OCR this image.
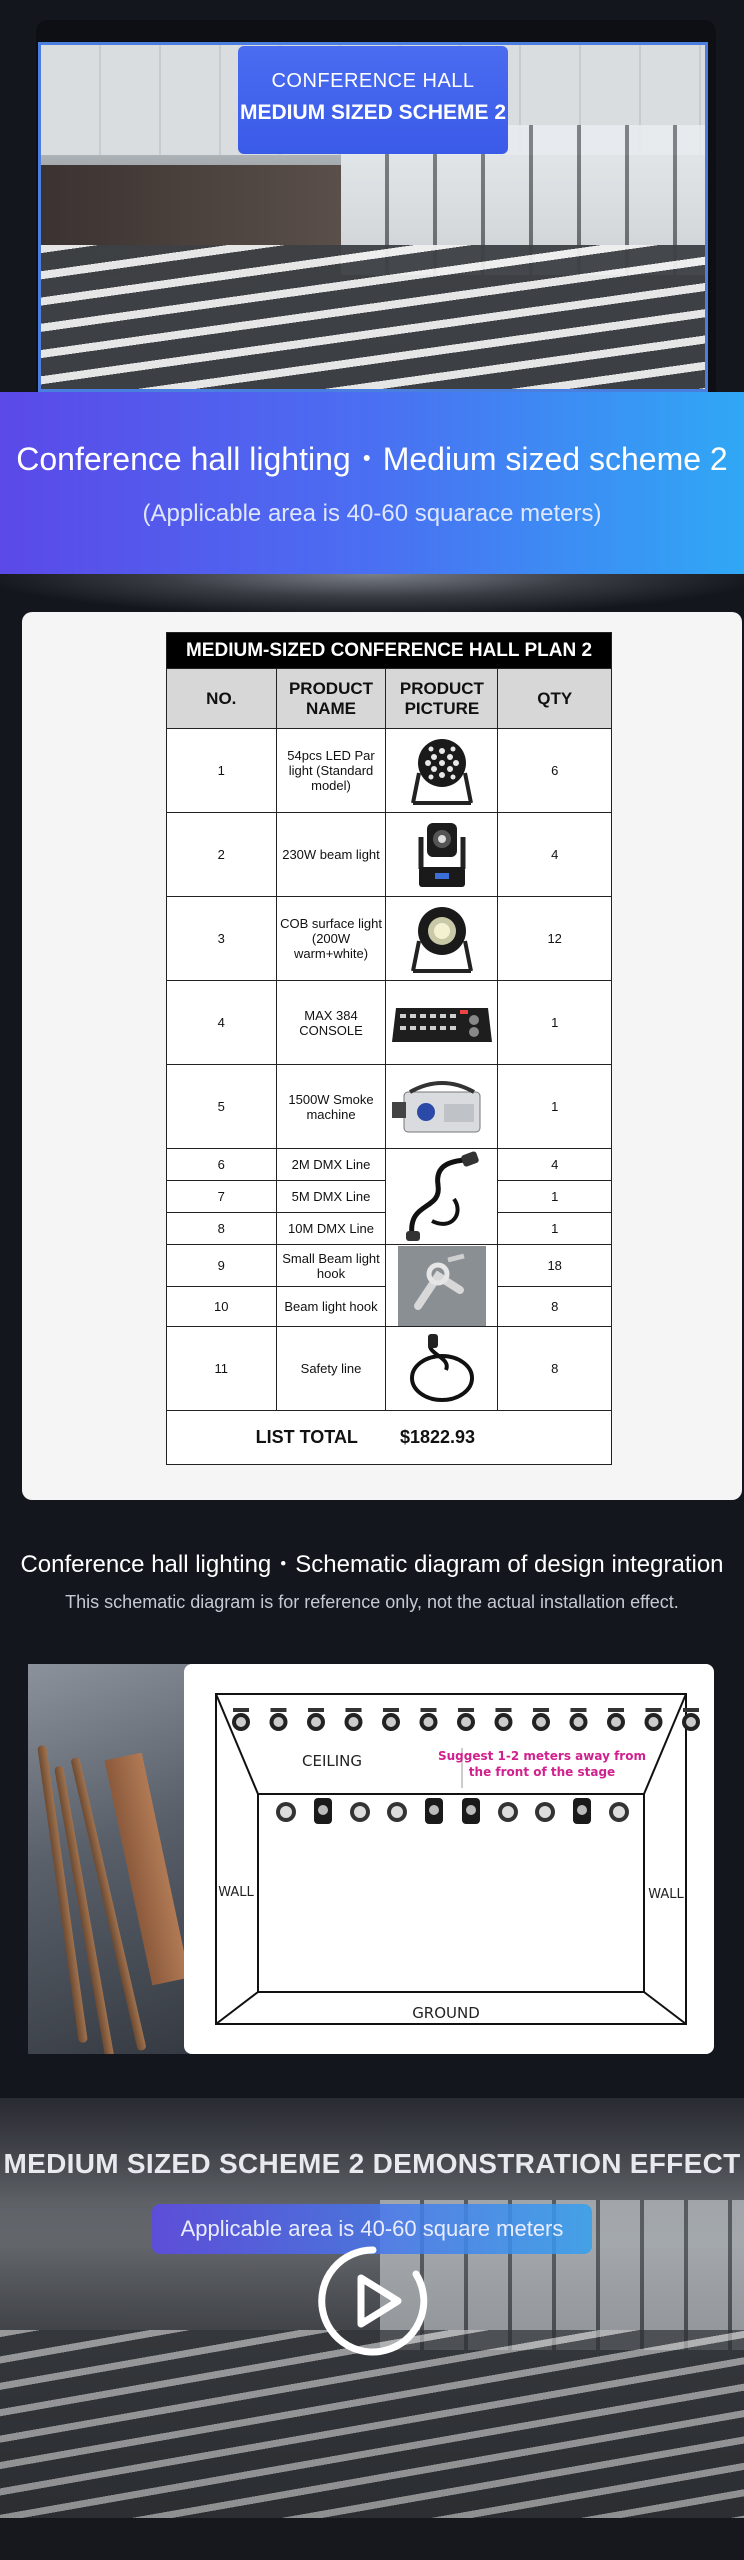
CONFERENCE HALL
MEDIUM SIZED SCHEME 2
Conference hall lighting・Medium sized scheme 2
(Applicable area is 40-60 squarace meters)
MEDIUM-SIZED CONFERENCE HALL PLAN 2			
NO.	PRODUCT NAME	PRODUCT PICTURE	QTY
1	54pcs LED Par light (Standard model)		6
2	230W beam light		4
3	COB surface light (200W warm+white)		12
4	MAX 384 CONSOLE		1
5	1500W Smoke machine		1
6	2M DMX Line		4
7	5M DMX Line		1
8	10M DMX Line		1
9	Small Beam light hook		18
10	Beam light hook		8
11	Safety line		8
LIST TOTAL		$1822.93	
Conference hall lighting・Schematic diagram of design integration
This schematic diagram is for reference only, not the actual installation effect.
CEILING	Suggest 1-2 meters away from
the front of the stage
WALL	WALL
GROUND
MEDIUM SIZED SCHEME 2 DEMONSTRATION EFFECT
Applicable area is 40-60 square meters
